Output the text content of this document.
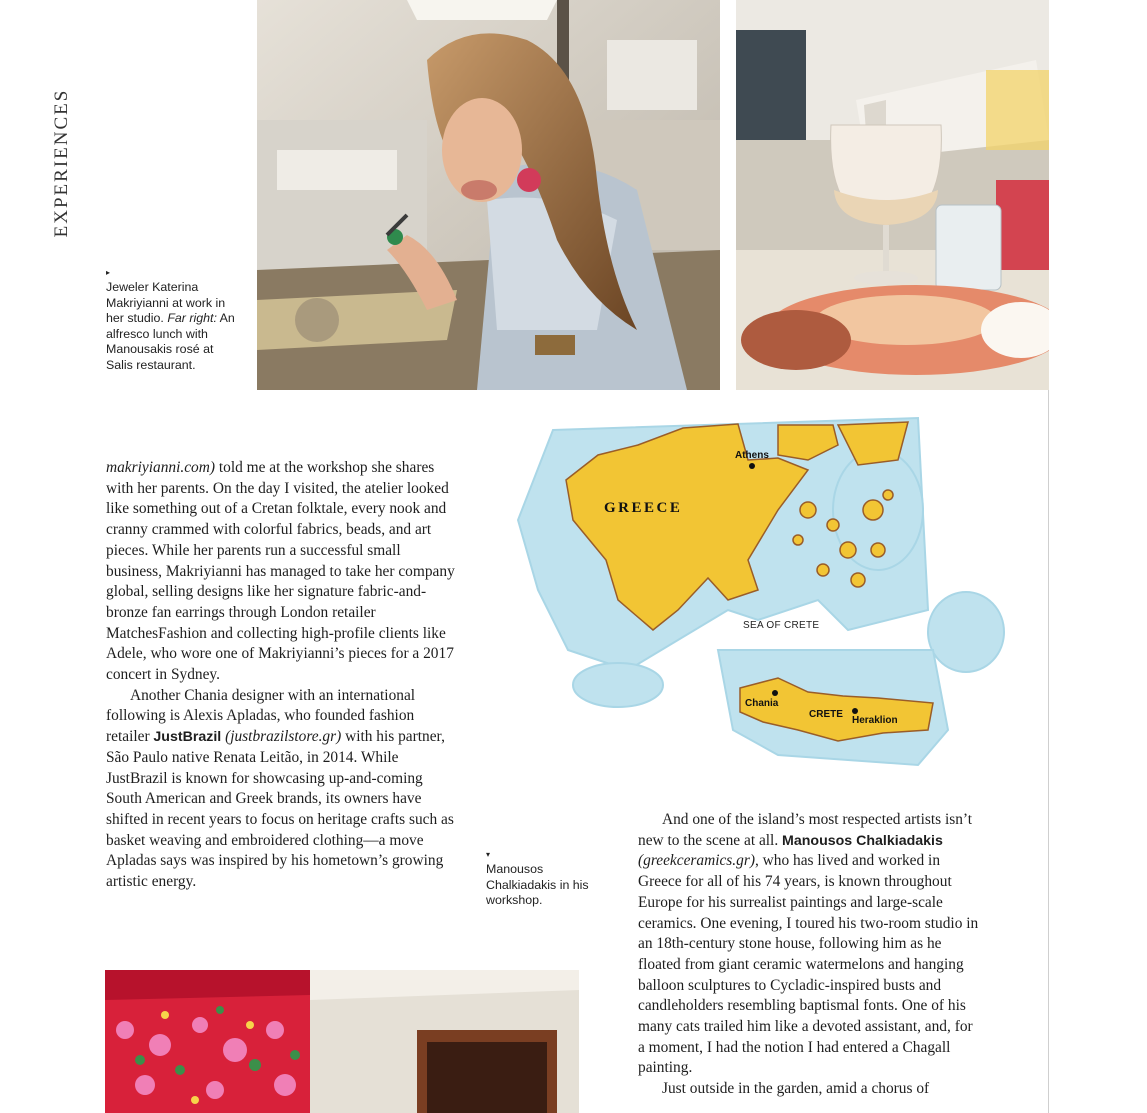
EXPERIENCES
▸
Jeweler Katerina Makriyianni at work in her studio. Far right: An alfresco lunch with Manousakis rosé at Salis restaurant.
GREECE
Athens
SEA OF CRETE
Chania
CRETE
Heraklion

makriyianni.com) told me at the workshop she shares with her parents. On the day I visited, the atelier looked like something out of a Cretan folktale, every nook and cranny crammed with colorful fabrics, beads, and art pieces. While her parents run a successful small business, Makriyianni has managed to take her company global, selling designs like her signature fabric-and-bronze fan earrings through London retailer MatchesFashion and collecting high-profile clients like Adele, who wore one of Makriyianni’s pieces for a 2017 concert in Sydney.

Another Chania designer with an international following is Alexis Apladas, who founded fashion retailer JustBrazil (justbrazilstore.gr) with his partner, São Paulo native Renata Leitão, in 2014. While JustBrazil is known for showcasing up-and-coming South American and Greek brands, its owners have shifted in recent years to focus on heritage crafts such as basket weaving and embroidered clothing—a move Apladas says was inspired by his hometown’s growing artistic energy.

▾
Manousos Chalkiadakis in his workshop.

And one of the island’s most respected artists isn’t new to the scene at all. Manousos Chalkiadakis (greekceramics.gr), who has lived and worked in Greece for all of his 74 years, is known throughout Europe for his surrealist paintings and large-scale ceramics. One evening, I toured his two-room studio in an 18th-century stone house, following him as he floated from giant ceramic watermelons and hanging balloon sculptures to Cycladic-inspired busts and candleholders resembling baptismal fonts. One of his many cats trailed him like a devoted assistant, and, for a moment, I had the notion I had entered a Chagall painting.

Just outside in the garden, amid a chorus of
